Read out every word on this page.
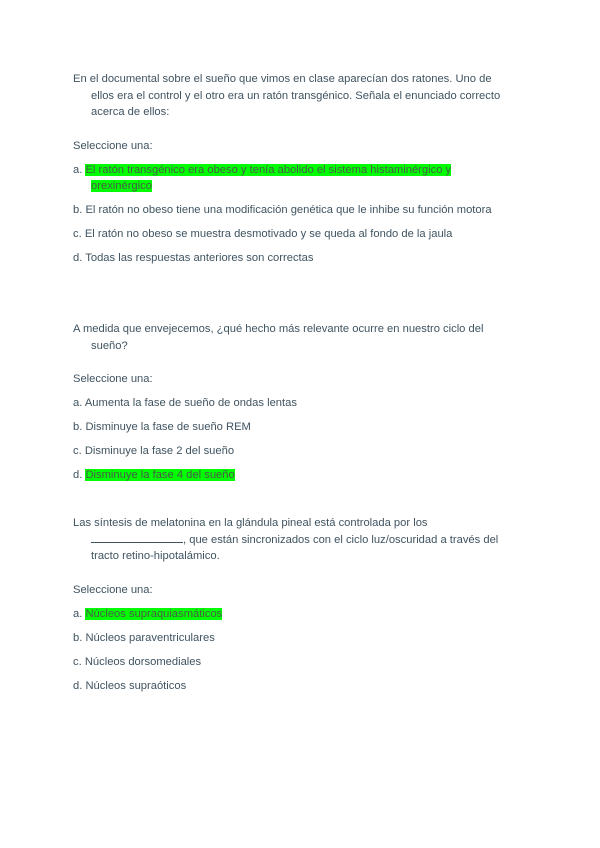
En el documental sobre el sueño que vimos en clase aparecían dos ratones. Uno de
ellos era el control y el otro era un ratón transgénico. Señala el enunciado correcto
acerca de ellos:

Seleccione una:
a. El ratón transgénico era obeso y tenía abolido el sistema histaminérgico y
orexinérgico
b. El ratón no obeso tiene una modificación genética que le inhibe su función motora
c. El ratón no obeso se muestra desmotivado y se queda al fondo de la jaula
d. Todas las respuestas anteriores son correctas

A medida que envejecemos, ¿qué hecho más relevante ocurre en nuestro ciclo del
sueño?

Seleccione una:
a. Aumenta la fase de sueño de ondas lentas
b. Disminuye la fase de sueño REM
c. Disminuye la fase 2 del sueño
d. Disminuye la fase 4 del sueño

Las síntesis de melatonina en la glándula pineal está controlada por los
, que están sincronizados con el ciclo luz/oscuridad a través del
tracto retino-hipotalámico.

Seleccione una:
a. Núcleos supraquiasmáticos
b. Núcleos paraventriculares
c. Núcleos dorsomediales
d. Núcleos supraóticos
